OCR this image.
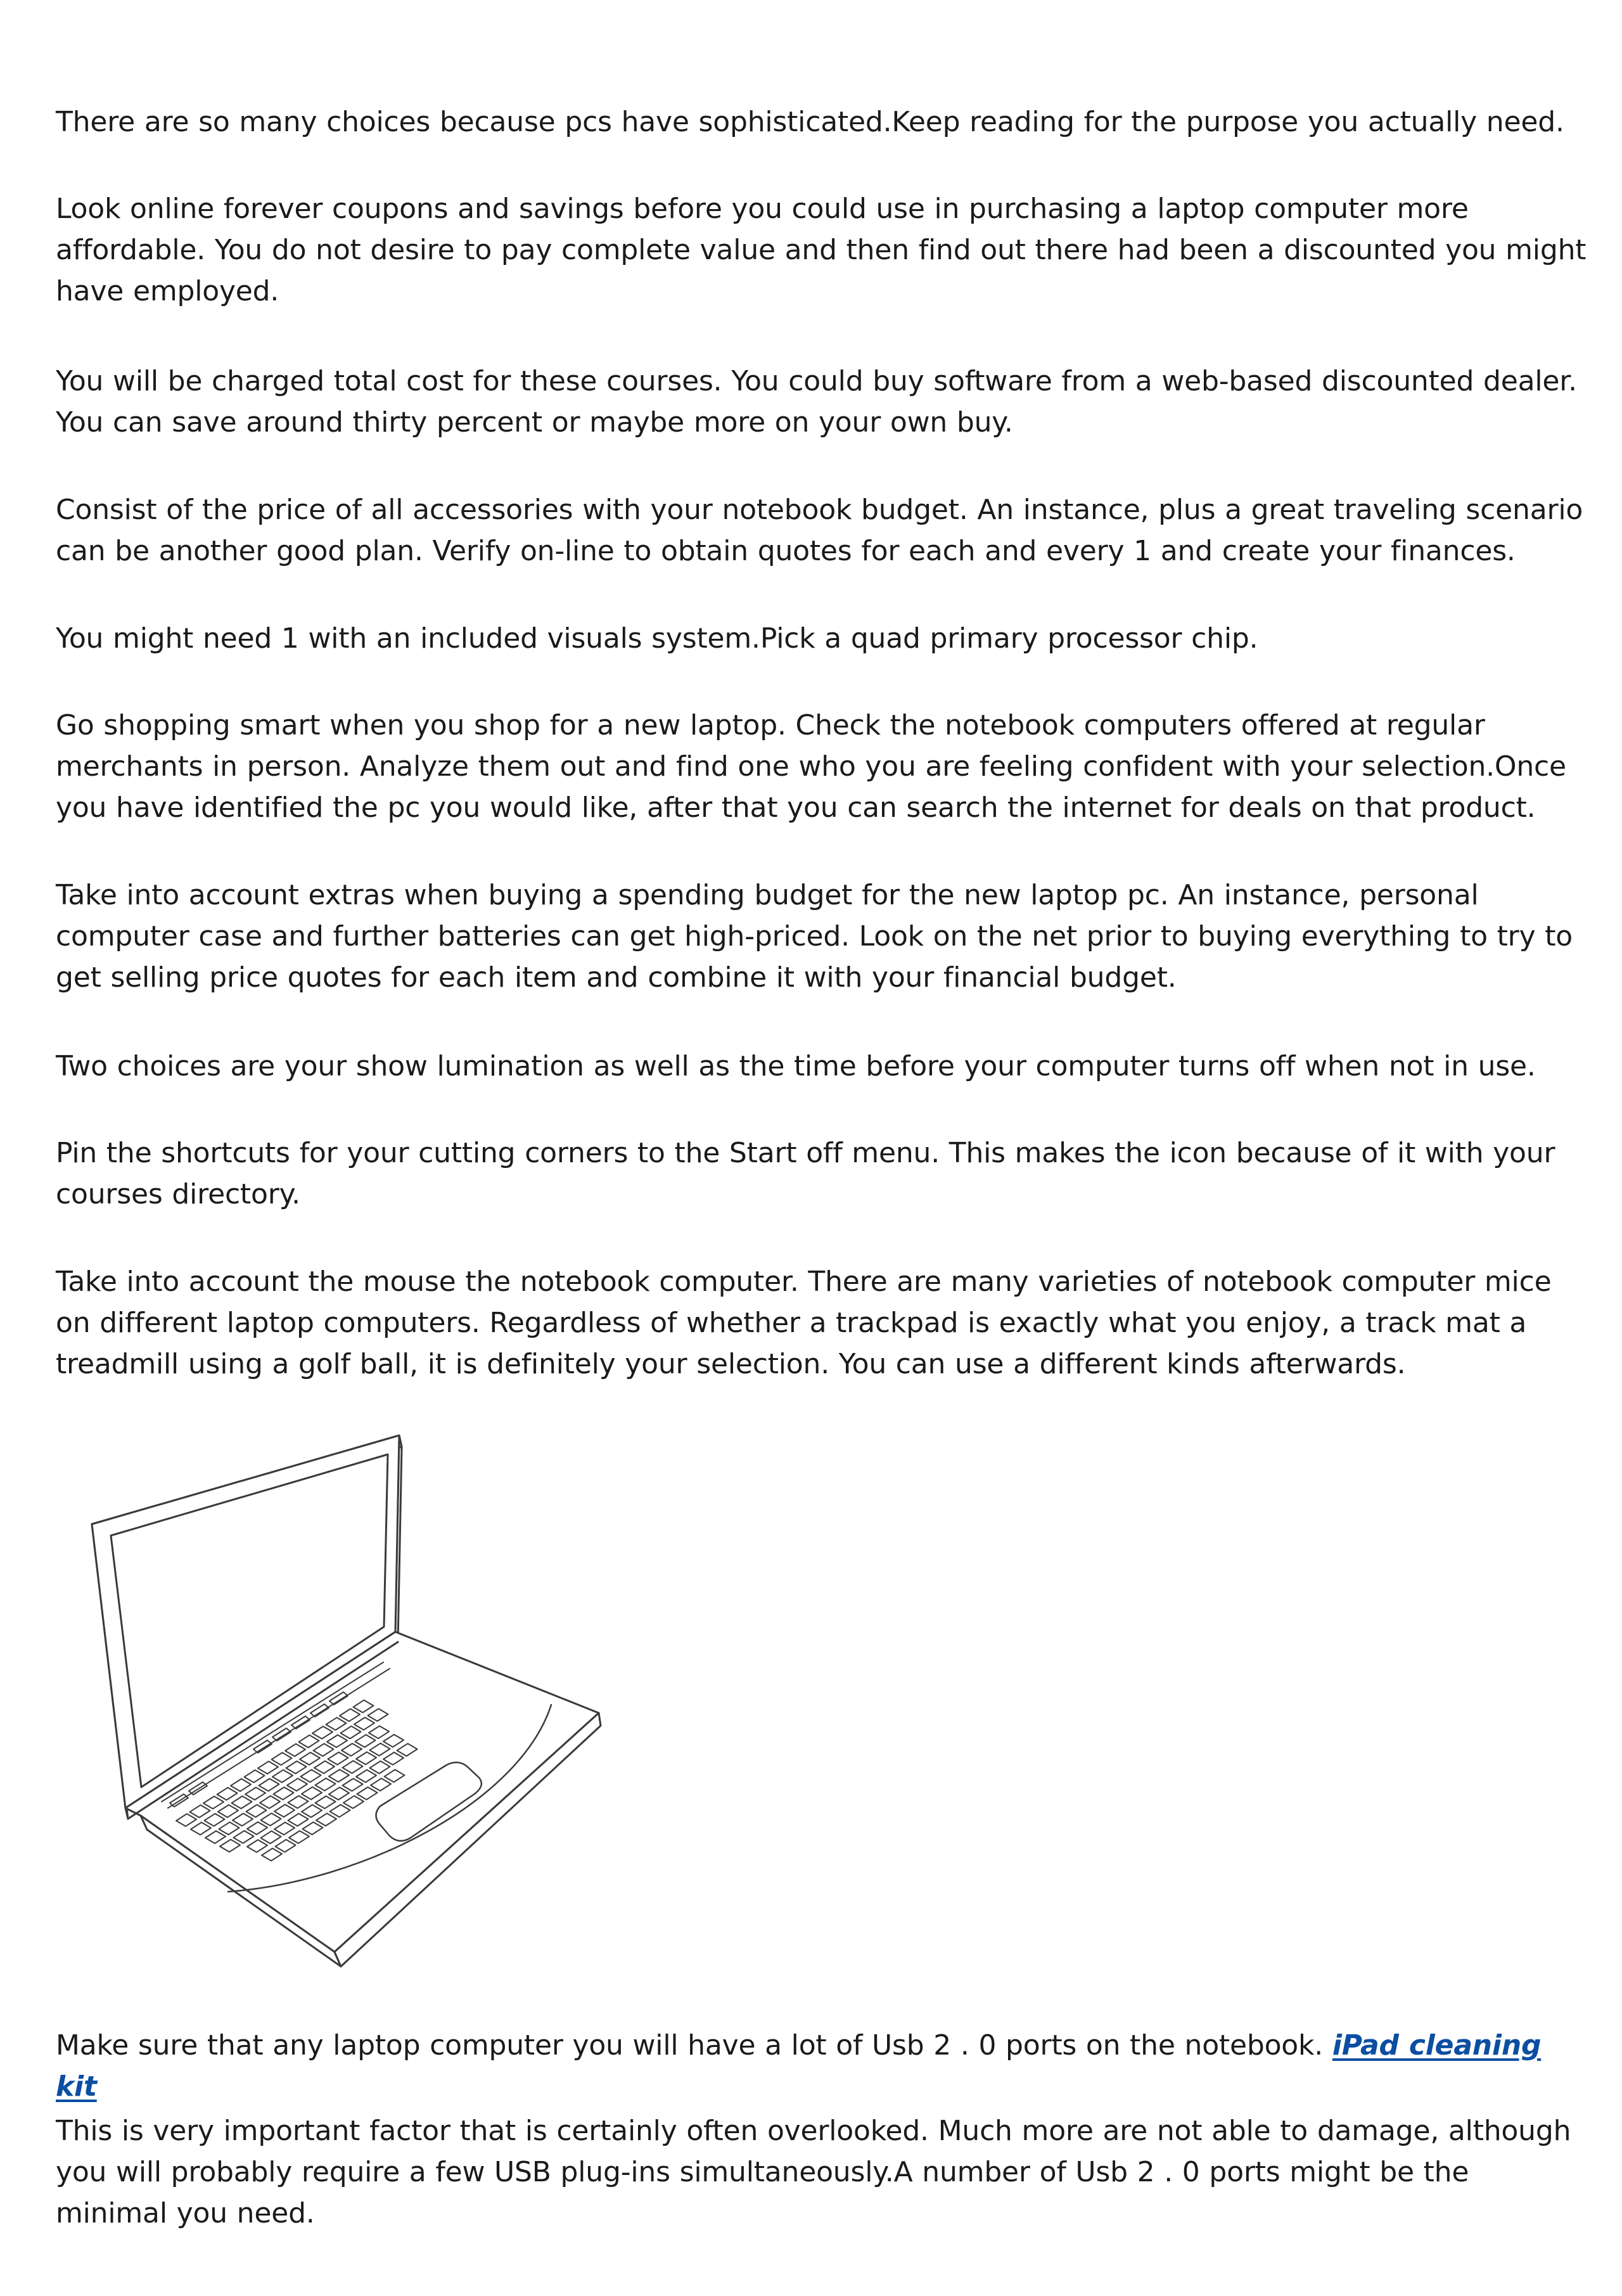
There are so many choices because pcs have sophisticated.Keep reading for the purpose you actually need.

Look online forever coupons and savings before you could use in purchasing a laptop computer more affordable. You do not desire to pay complete value and then find out there had been a discounted you might have employed.

You will be charged total cost for these courses. You could buy software from a web-based discounted dealer. You can save around thirty percent or maybe more on your own buy.

Consist of the price of all accessories with your notebook budget. An instance, plus a great traveling scenario can be another good plan. Verify on-line to obtain quotes for each and every 1 and create your finances.

You might need 1 with an included visuals system.Pick a quad primary processor chip.

Go shopping smart when you shop for a new laptop. Check the notebook computers offered at regular merchants in person. Analyze them out and find one who you are feeling confident with your selection.Once you have identified the pc you would like, after that you can search the internet for deals on that product.

Take into account extras when buying a spending budget for the new laptop pc. An instance, personal computer case and further batteries can get high-priced. Look on the net prior to buying everything to try to get selling price quotes for each item and combine it with your financial budget.

Two choices are your show lumination as well as the time before your computer turns off when not in use.

Pin the shortcuts for your cutting corners to the Start off menu. This makes the icon because of it with your courses directory.

Take into account the mouse the notebook computer. There are many varieties of notebook computer mice on different laptop computers. Regardless of whether a trackpad is exactly what you enjoy, a track mat a treadmill using a golf ball, it is definitely your selection. You can use a different kinds afterwards.

Make sure that any laptop computer you will have a lot of Usb 2 . 0 ports on the notebook. iPad cleaning kit

This is very important factor that is certainly often overlooked. Much more are not able to damage, although you will probably require a few USB plug-ins simultaneously.A number of Usb 2 . 0 ports might be the minimal you need.
